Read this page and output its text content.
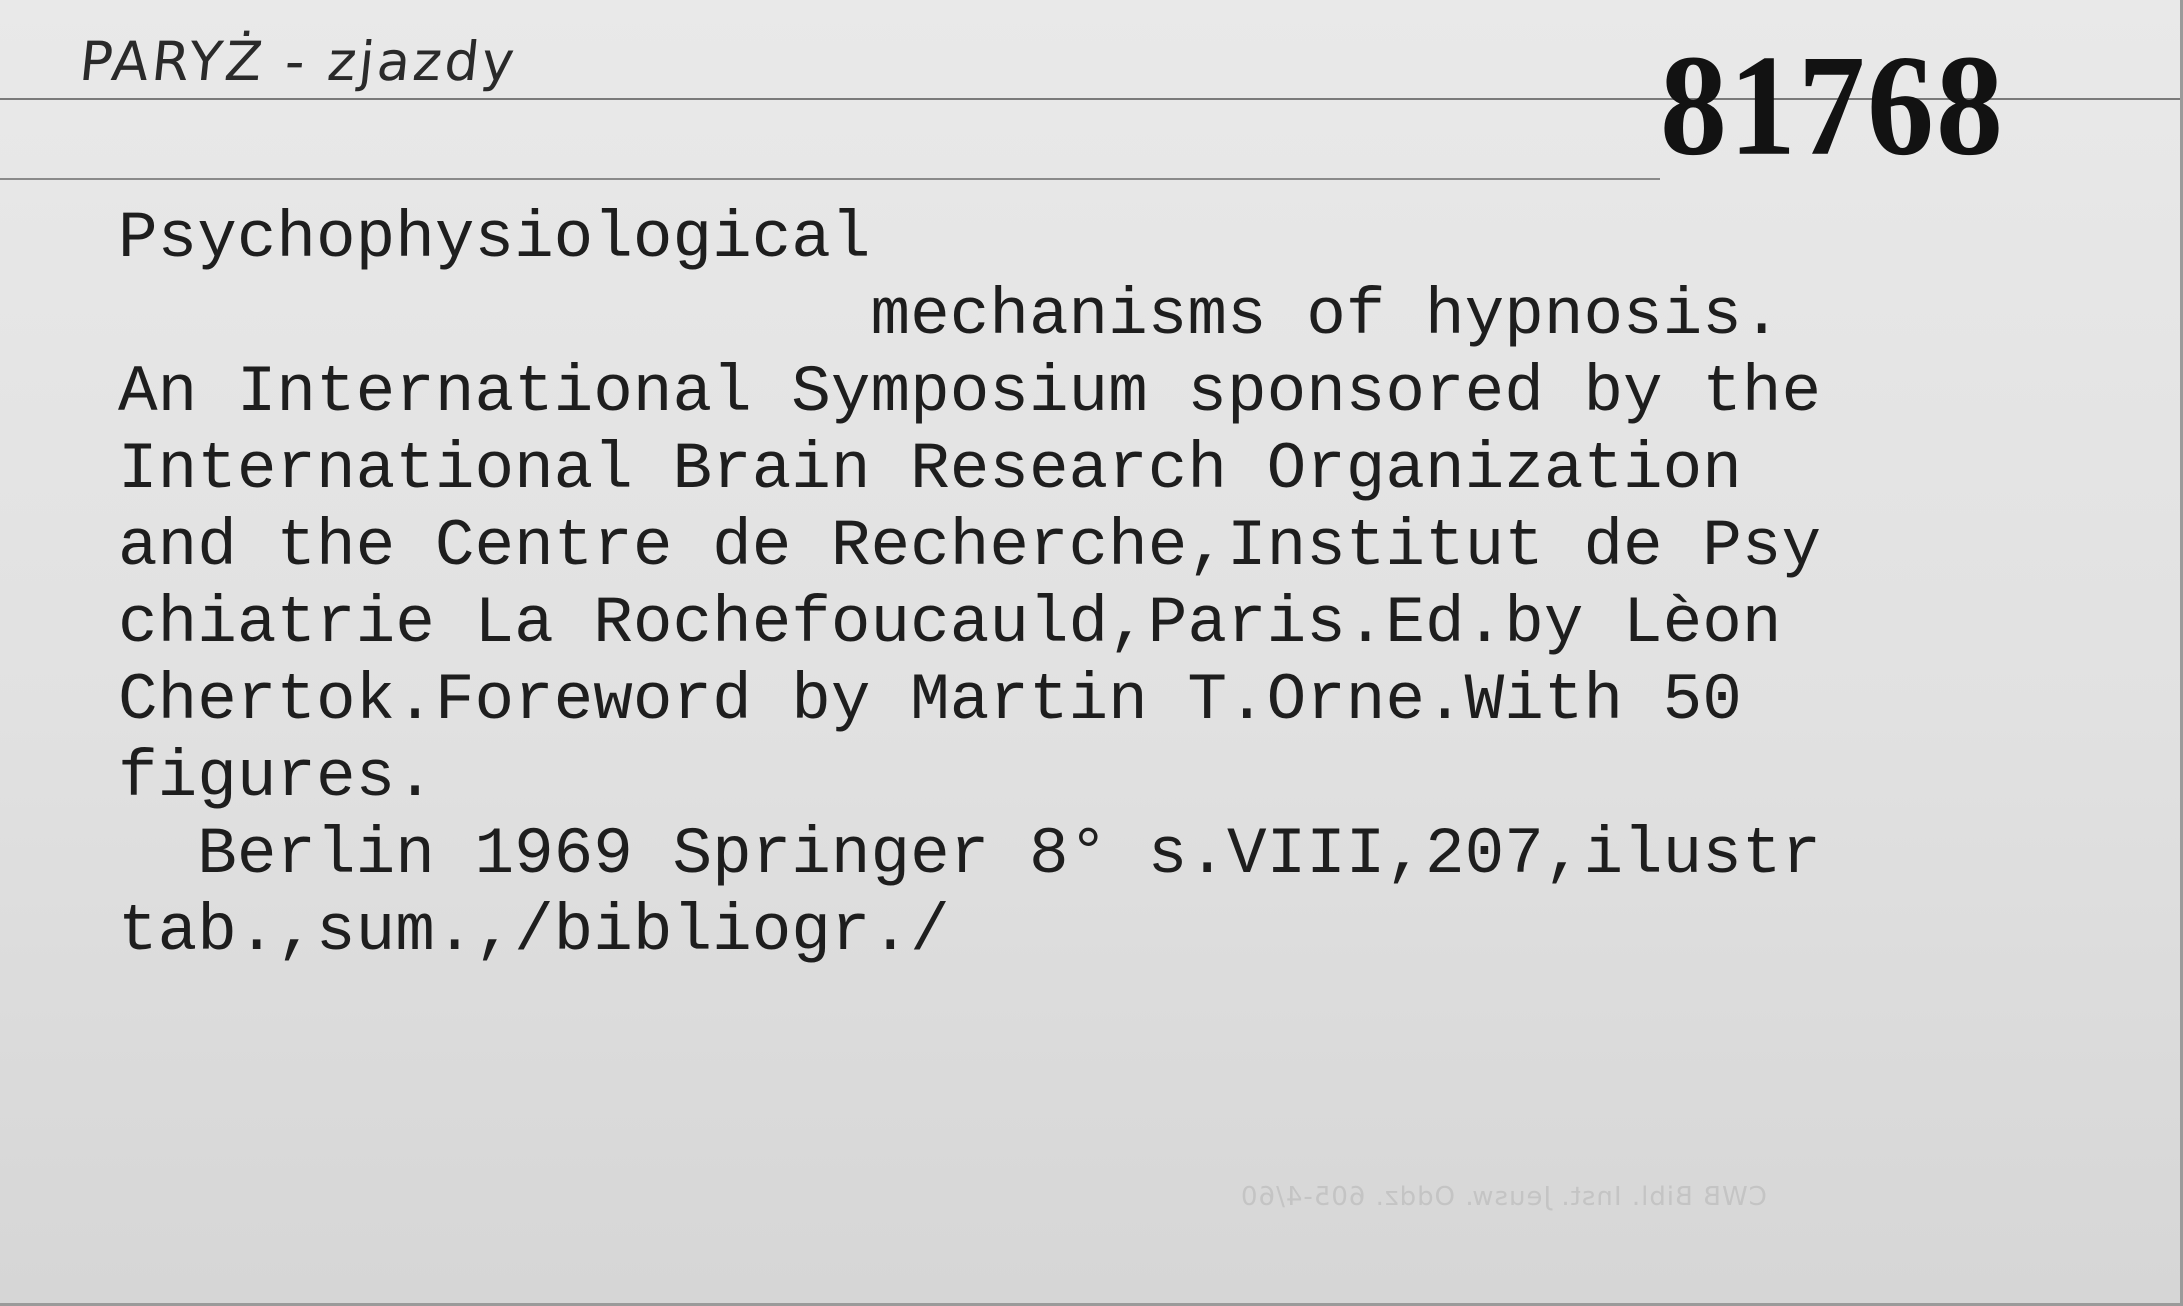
PARYŻ - zjazdy	81768
Psychophysiological
mechanisms of hypnosis.
An International Symposium sponsored by the
International Brain Research Organization
and the Centre de Recherche,Institut de Psy
chiatrie La Rochefoucauld,Paris.Ed.by Lèon
Chertok.Foreword by Martin T.Orne.With 50
figures.
Berlin 1969 Springer 8° s.VIII,207,ilustr
tab.,sum.,/bibliogr./
CWB Bibl. Inst. Jeusw. Oddz. 605-4/60
